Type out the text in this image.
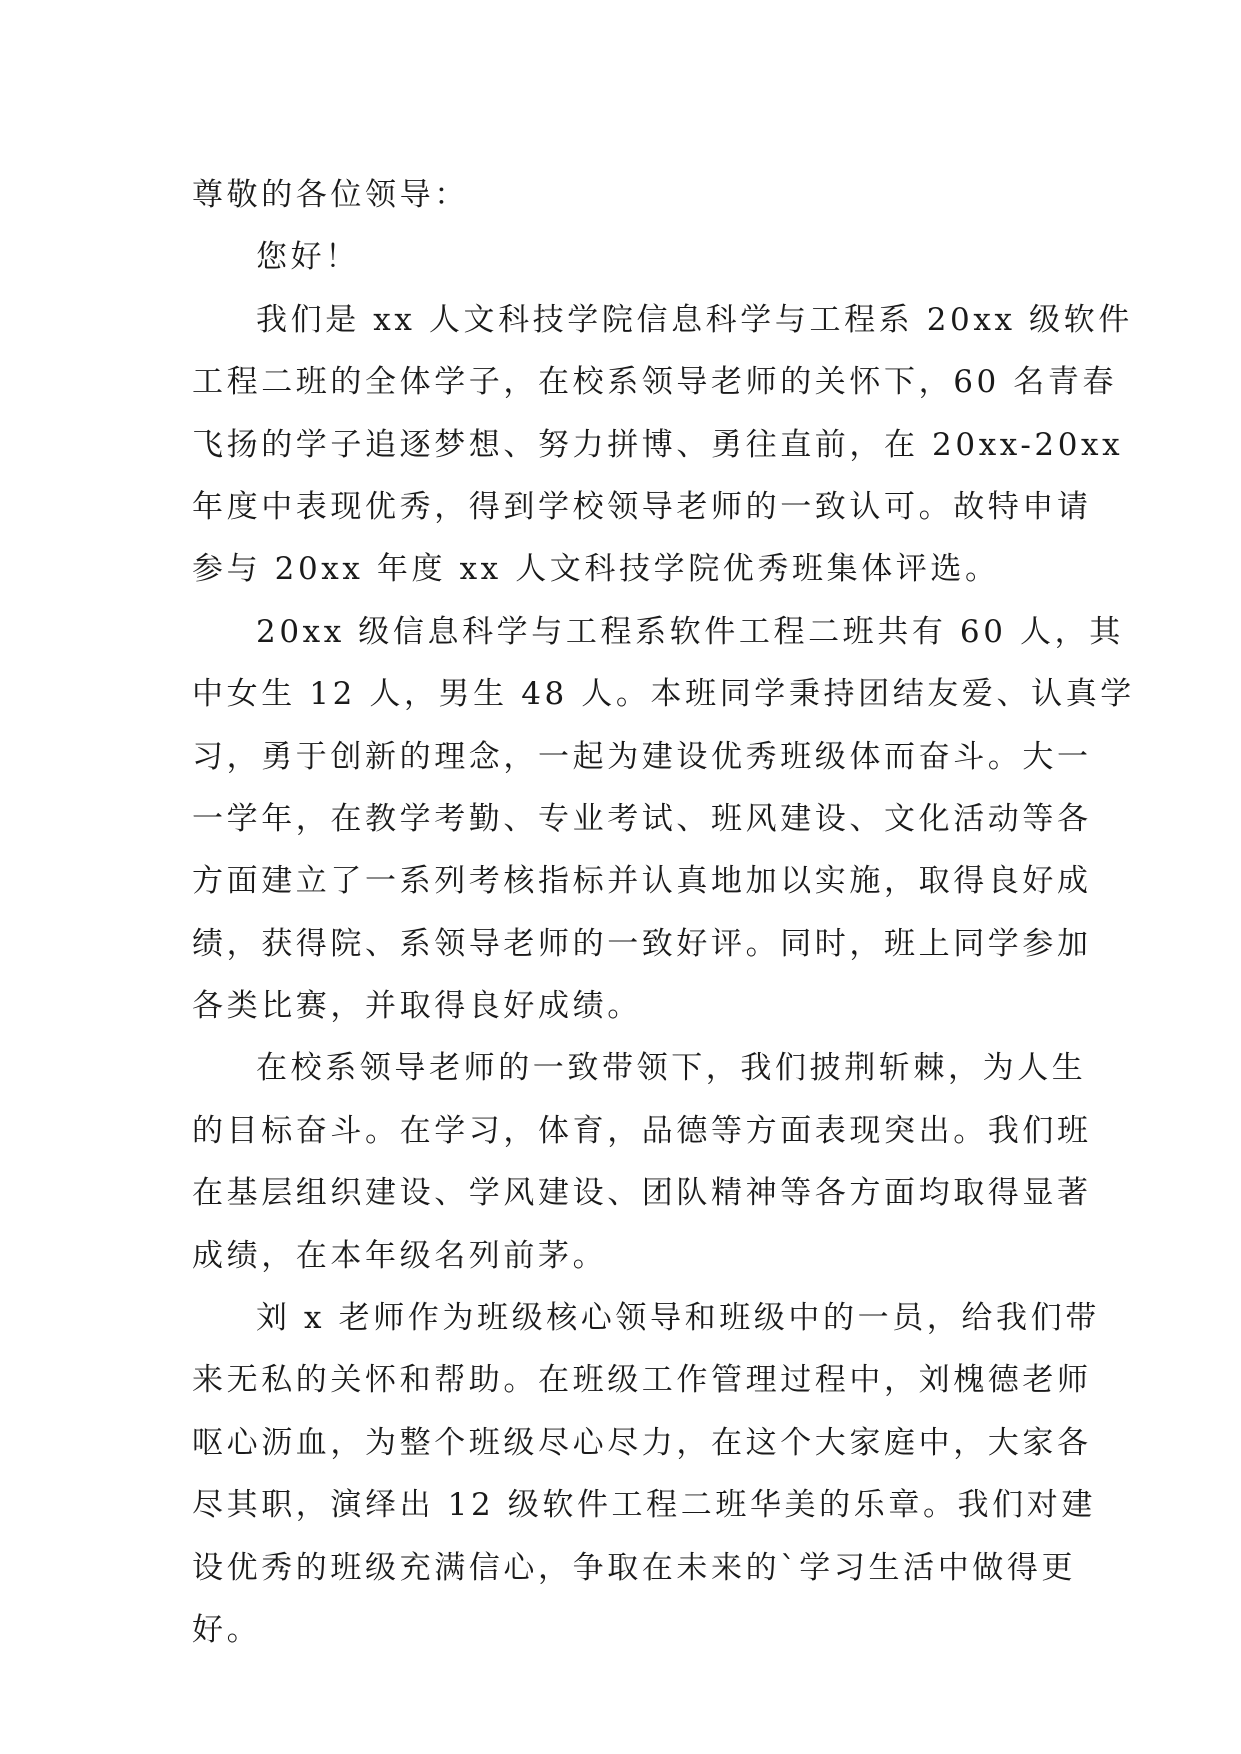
尊敬的各位领导：
您好！
我们是 xx 人文科技学院信息科学与工程系 20xx 级软件
工程二班的全体学子，在校系领导老师的关怀下，60 名青春
飞扬的学子追逐梦想、努力拼博、勇往直前，在 20xx-20xx
年度中表现优秀，得到学校领导老师的一致认可。故特申请
参与 20xx 年度 xx 人文科技学院优秀班集体评选。
20xx 级信息科学与工程系软件工程二班共有 60 人，其
中女生 12 人，男生 48 人。本班同学秉持团结友爱、认真学
习，勇于创新的理念，一起为建设优秀班级体而奋斗。大一
一学年，在教学考勤、专业考试、班风建设、文化活动等各
方面建立了一系列考核指标并认真地加以实施，取得良好成
绩，获得院、系领导老师的一致好评。同时，班上同学参加
各类比赛，并取得良好成绩。
在校系领导老师的一致带领下，我们披荆斩棘，为人生
的目标奋斗。在学习，体育，品德等方面表现突出。我们班
在基层组织建设、学风建设、团队精神等各方面均取得显著
成绩，在本年级名列前茅。
刘 x 老师作为班级核心领导和班级中的一员，给我们带
来无私的关怀和帮助。在班级工作管理过程中，刘槐德老师
呕心沥血，为整个班级尽心尽力，在这个大家庭中，大家各
尽其职，演绎出 12 级软件工程二班华美的乐章。我们对建
设优秀的班级充满信心，争取在未来的`学习生活中做得更
好。
